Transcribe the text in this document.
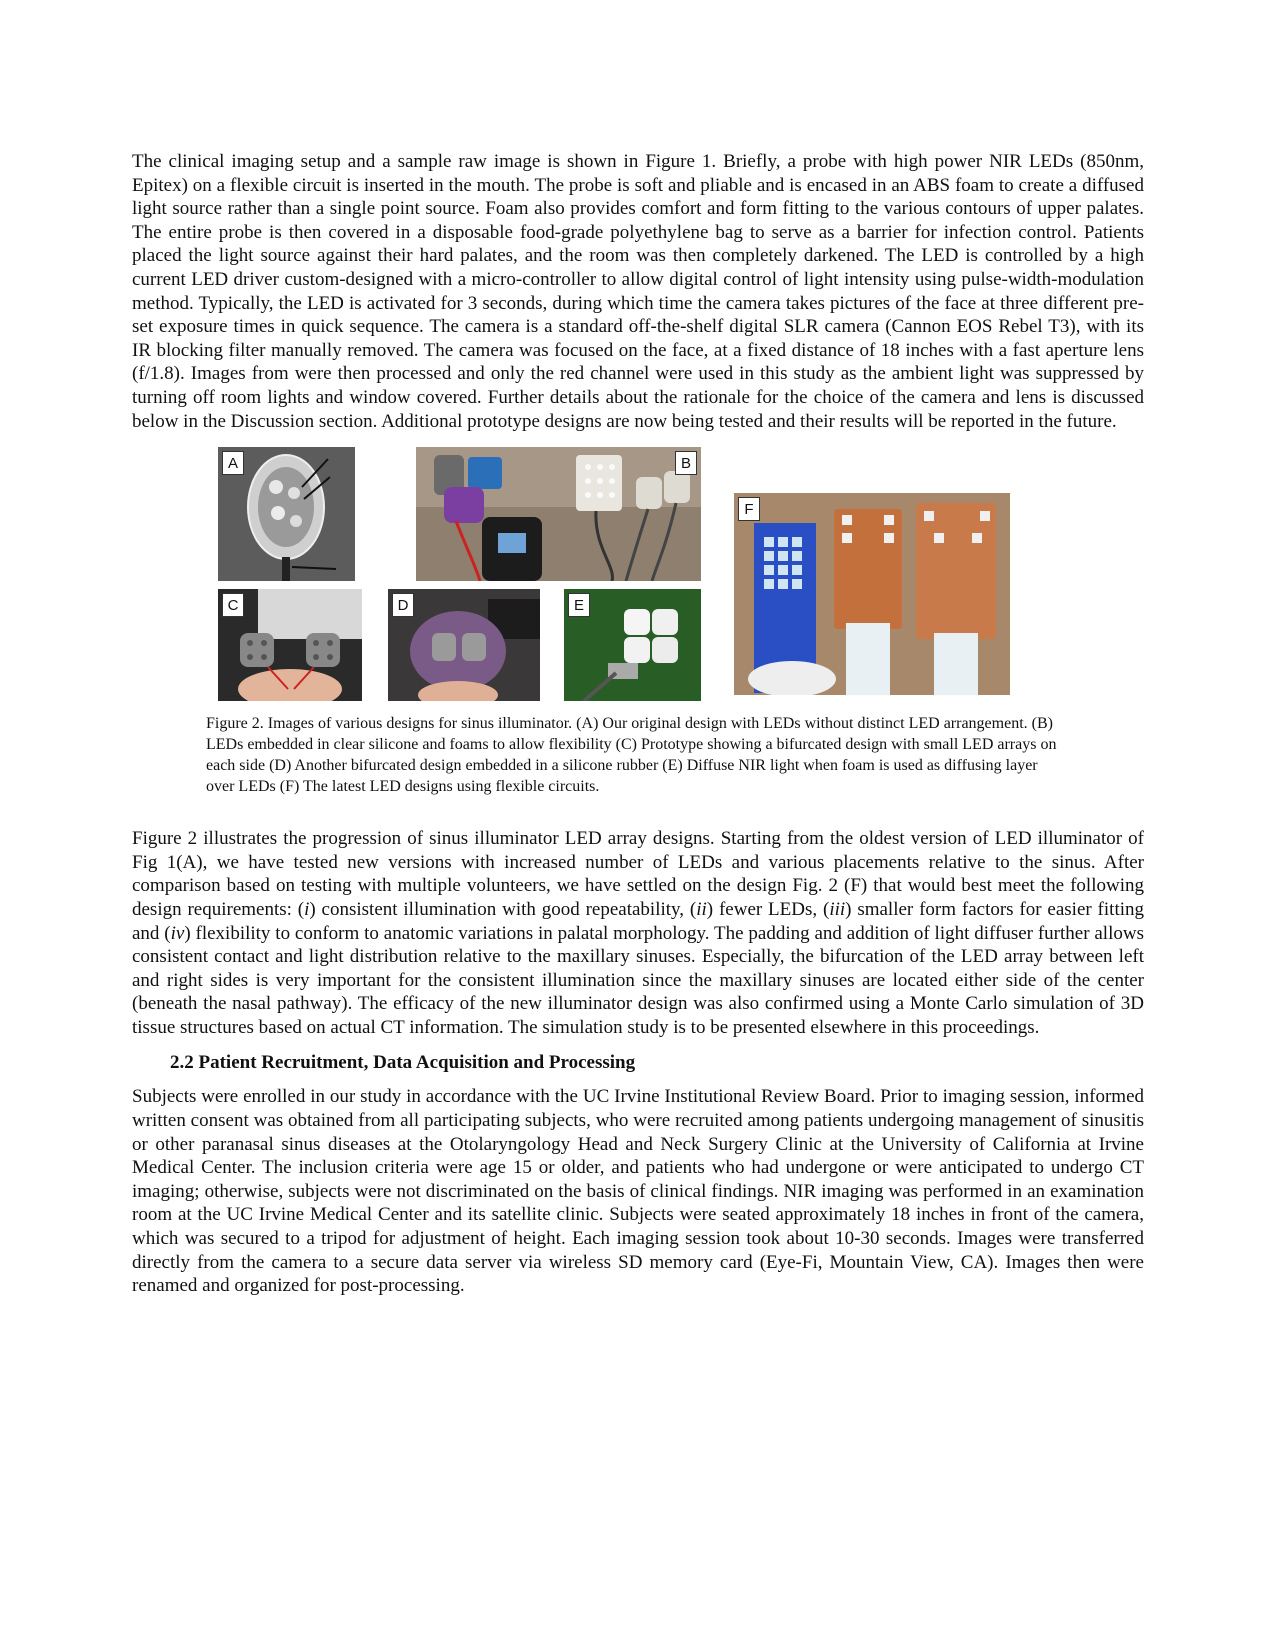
The clinical imaging setup and a sample raw image is shown in Figure 1. Briefly, a probe with high power NIR LEDs (850nm, Epitex) on a flexible circuit is inserted in the mouth. The probe is soft and pliable and is encased in an ABS foam to create a diffused light source rather than a single point source. Foam also provides comfort and form fitting to the various contours of upper palates. The entire probe is then covered in a disposable food-grade polyethylene bag to serve as a barrier for infection control. Patients placed the light source against their hard palates, and the room was then completely darkened. The LED is controlled by a high current LED driver custom-designed with a micro-controller to allow digital control of light intensity using pulse-width-modulation method. Typically, the LED is activated for 3 seconds, during which time the camera takes pictures of the face at three different pre-set exposure times in quick sequence. The camera is a standard off-the-shelf digital SLR camera (Cannon EOS Rebel T3), with its IR blocking filter manually removed. The camera was focused on the face, at a fixed distance of 18 inches with a fast aperture lens (f/1.8). Images from were then processed and only the red channel were used in this study as the ambient light was suppressed by turning off room lights and window covered. Further details about the rationale for the choice of the camera and lens is discussed below in the Discussion section. Additional prototype designs are now being tested and their results will be reported in the future.

A	B
C	D	E
F

Figure 2. Images of various designs for sinus illuminator. (A) Our original design with LEDs without distinct LED arrangement. (B) LEDs embedded in clear silicone and foams to allow flexibility (C) Prototype showing a bifurcated design with small LED arrays on each side (D) Another bifurcated design embedded in a silicone rubber (E) Diffuse NIR light when foam is used as diffusing layer over LEDs (F) The latest LED designs using flexible circuits.

Figure 2 illustrates the progression of sinus illuminator LED array designs. Starting from the oldest version of LED illuminator of Fig 1(A), we have tested new versions with increased number of LEDs and various placements relative to the sinus. After comparison based on testing with multiple volunteers, we have settled on the design Fig. 2 (F) that would best meet the following design requirements: (i) consistent illumination with good repeatability, (ii) fewer LEDs, (iii) smaller form factors for easier fitting and (iv) flexibility to conform to anatomic variations in palatal morphology. The padding and addition of light diffuser further allows consistent contact and light distribution relative to the maxillary sinuses. Especially, the bifurcation of the LED array between left and right sides is very important for the consistent illumination since the maxillary sinuses are located either side of the center (beneath the nasal pathway). The efficacy of the new illuminator design was also confirmed using a Monte Carlo simulation of 3D tissue structures based on actual CT information. The simulation study is to be presented elsewhere in this proceedings.

2.2 Patient Recruitment, Data Acquisition and Processing

Subjects were enrolled in our study in accordance with the UC Irvine Institutional Review Board. Prior to imaging session, informed written consent was obtained from all participating subjects, who were recruited among patients undergoing management of sinusitis or other paranasal sinus diseases at the Otolaryngology Head and Neck Surgery Clinic at the University of California at Irvine Medical Center. The inclusion criteria were age 15 or older, and patients who had undergone or were anticipated to undergo CT imaging; otherwise, subjects were not discriminated on the basis of clinical findings. NIR imaging was performed in an examination room at the UC Irvine Medical Center and its satellite clinic. Subjects were seated approximately 18 inches in front of the camera, which was secured to a tripod for adjustment of height. Each imaging session took about 10-30 seconds. Images were transferred directly from the camera to a secure data server via wireless SD memory card (Eye-Fi, Mountain View, CA). Images then were renamed and organized for post-processing.
